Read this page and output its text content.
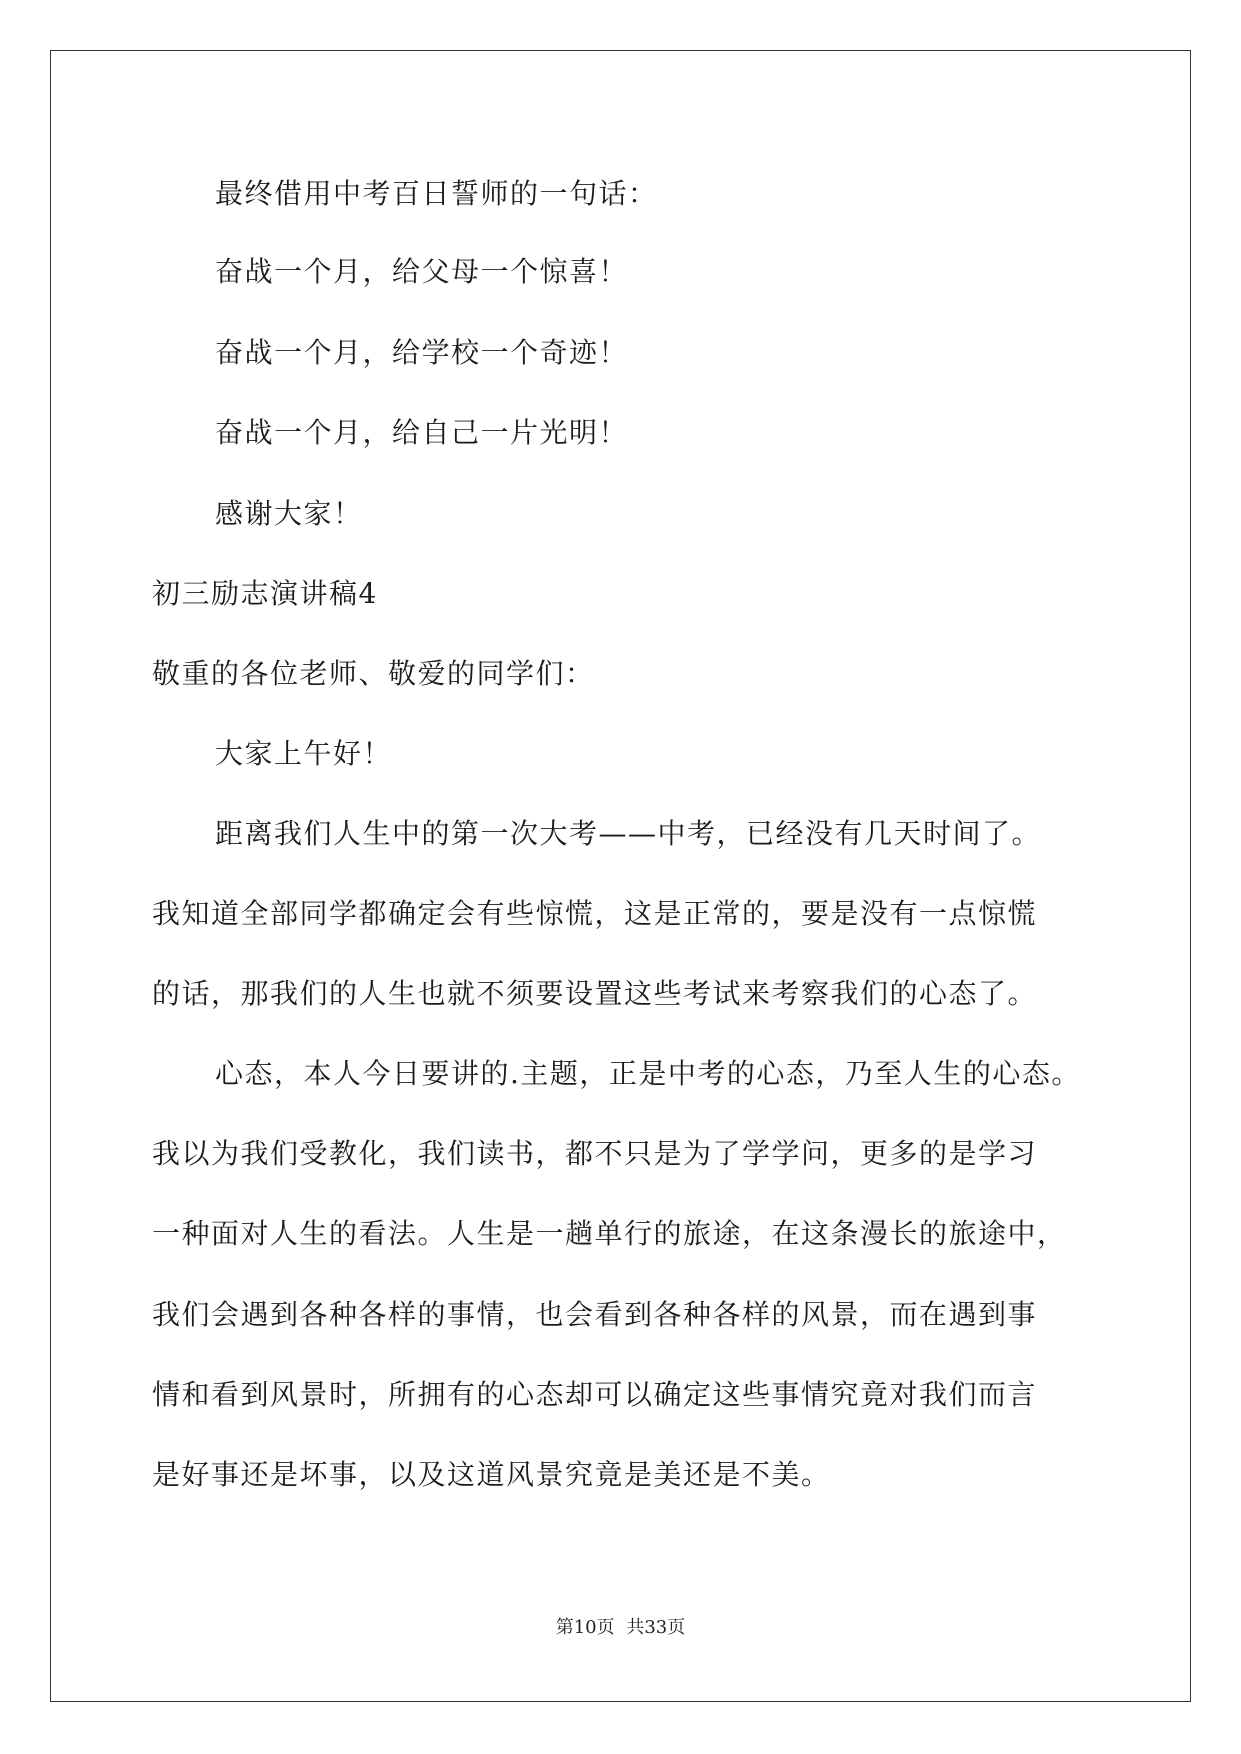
最终借用中考百日誓师的一句话：
奋战一个月，给父母一个惊喜！
奋战一个月，给学校一个奇迹！
奋战一个月，给自己一片光明！
感谢大家！
初三励志演讲稿4
敬重的各位老师、敬爱的同学们：
大家上午好！
距离我们人生中的第一次大考——中考，已经没有几天时间了。
我知道全部同学都确定会有些惊慌，这是正常的，要是没有一点惊慌
的话，那我们的人生也就不须要设置这些考试来考察我们的心态了。
心态，本人今日要讲的.主题，正是中考的心态，乃至人生的心态。
我以为我们受教化，我们读书，都不只是为了学学问，更多的是学习
一种面对人生的看法。人生是一趟单行的旅途，在这条漫长的旅途中，
我们会遇到各种各样的事情，也会看到各种各样的风景，而在遇到事
情和看到风景时，所拥有的心态却可以确定这些事情究竟对我们而言
是好事还是坏事，以及这道风景究竟是美还是不美。
第10页 共33页
